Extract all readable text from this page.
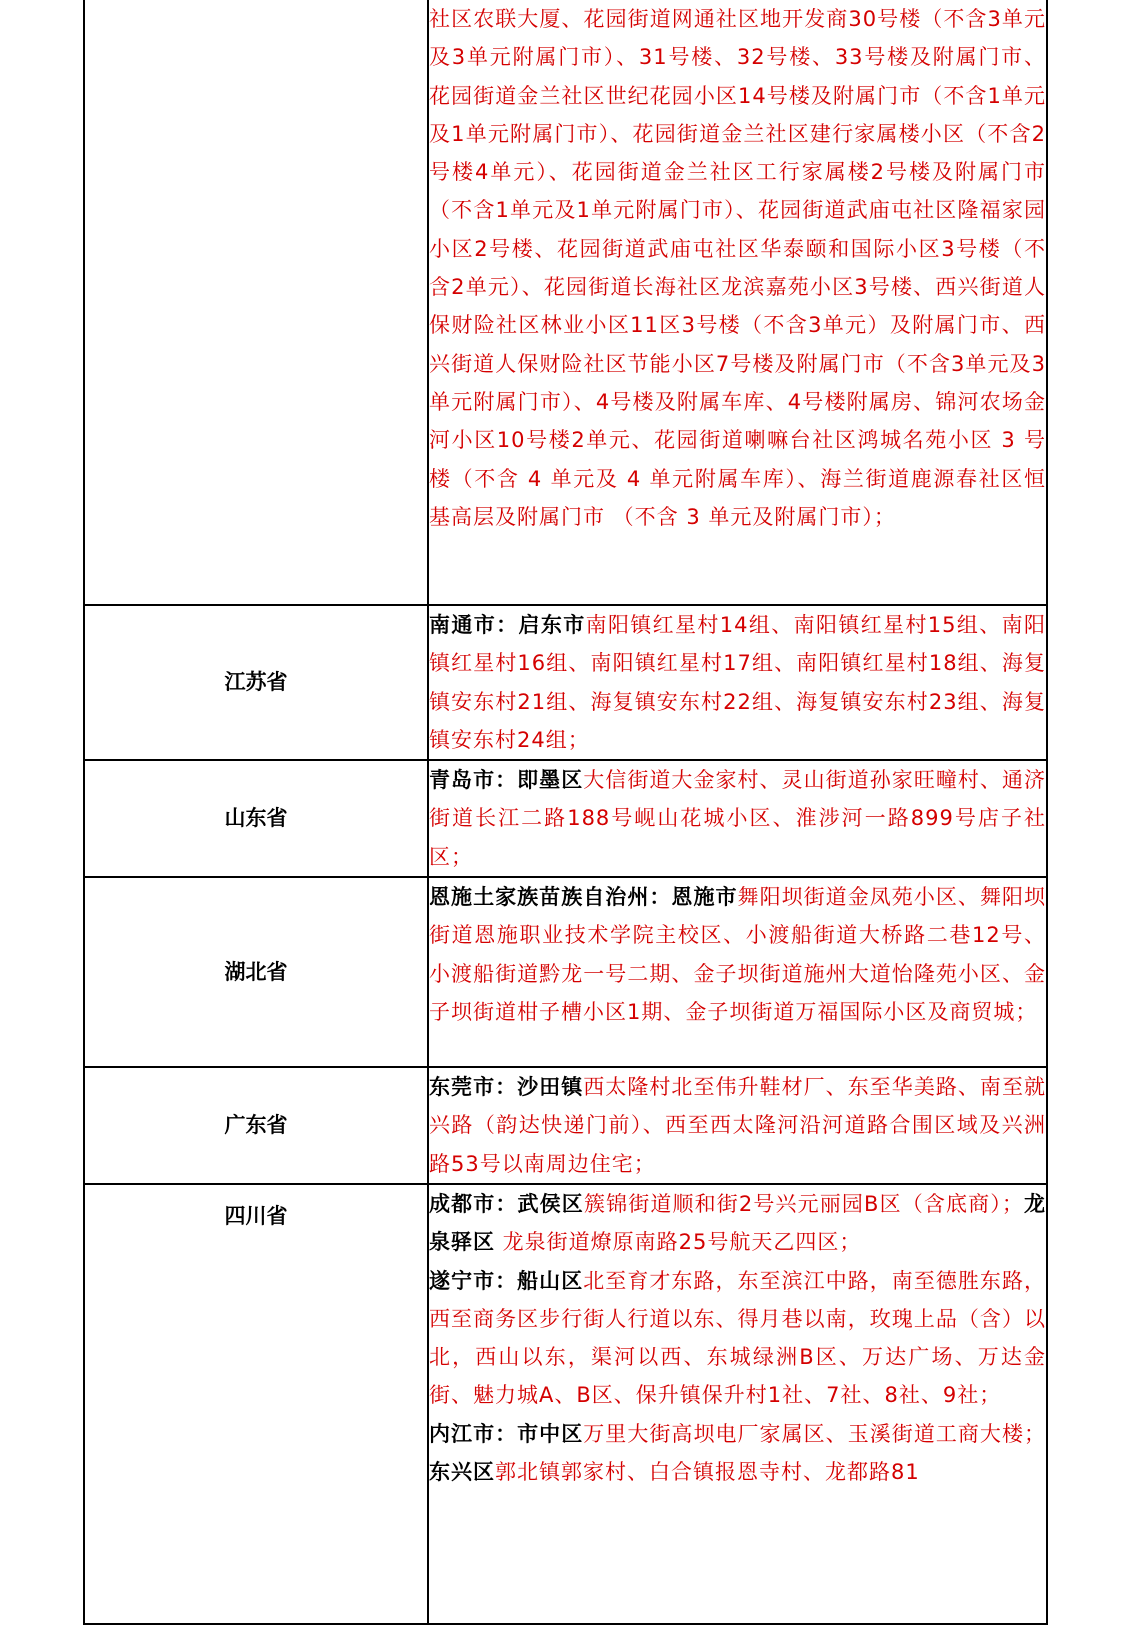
	社区农联大厦、花园街道网通社区地开发商30号楼（不含3单元及3单元附属门市）、31号楼、32号楼、33号楼及附属门市、花园街道金兰社区世纪花园小区14号楼及附属门市（不含1单元及1单元附属门市）、花园街道金兰社区建行家属楼小区（不含2号楼4单元）、花园街道金兰社区工行家属楼2号楼及附属门市（不含1单元及1单元附属门市）、花园街道武庙屯社区隆福家园小区2号楼、花园街道武庙屯社区华泰颐和国际小区3号楼（不含2单元）、花园街道长海社区龙滨嘉苑小区3号楼、西兴街道人保财险社区林业小区11区3号楼（不含3单元）及附属门市、西兴街道人保财险社区节能小区7号楼及附属门市（不含3单元及3单元附属门市）、4号楼及附属车库、4号楼附属房、锦河农场金河小区10号楼2单元、花园街道喇嘛台社区鸿城名苑小区 3 号楼（不含 4 单元及 4 单元附属车库）、海兰街道鹿源春社区恒基高层及附属门市 （不含 3 单元及附属门市）；

江苏省	南通市：启东市南阳镇红星村14组、南阳镇红星村15组、南阳镇红星村16组、南阳镇红星村17组、南阳镇红星村18组、海复镇安东村21组、海复镇安东村22组、海复镇安东村23组、海复镇安东村24组；

山东省	青岛市：即墨区大信街道大金家村、灵山街道孙家旺疃村、通济街道长江二路188号岘山花城小区、淮涉河一路899号店子社区；

湖北省	恩施土家族苗族自治州：恩施市舞阳坝街道金凤苑小区、舞阳坝街道恩施职业技术学院主校区、小渡船街道大桥路二巷12号、小渡船街道黔龙一号二期、金子坝街道施州大道怡隆苑小区、金子坝街道柑子槽小区1期、金子坝街道万福国际小区及商贸城；

广东省	东莞市：沙田镇西太隆村北至伟升鞋材厂、东至华美路、南至就兴路（韵达快递门前）、西至西太隆河沿河道路合围区域及兴洲路53号以南周边住宅；

四川省	成都市：武侯区簇锦街道顺和街2号兴元丽园B区（含底商）；龙泉驿区 龙泉街道燎原南路25号航天乙四区；

遂宁市：船山区北至育才东路，东至滨江中路，南至德胜东路，西至商务区步行街人行道以东、得月巷以南，玫瑰上品（含）以北，西山以东，渠河以西、东城绿洲B区、万达广场、万达金街、魅力城A、B区、保升镇保升村1社、7社、8社、9社；

内江市：市中区万里大街高坝电厂家属区、玉溪街道工商大楼；东兴区郭北镇郭家村、白合镇报恩寺村、龙都路81
